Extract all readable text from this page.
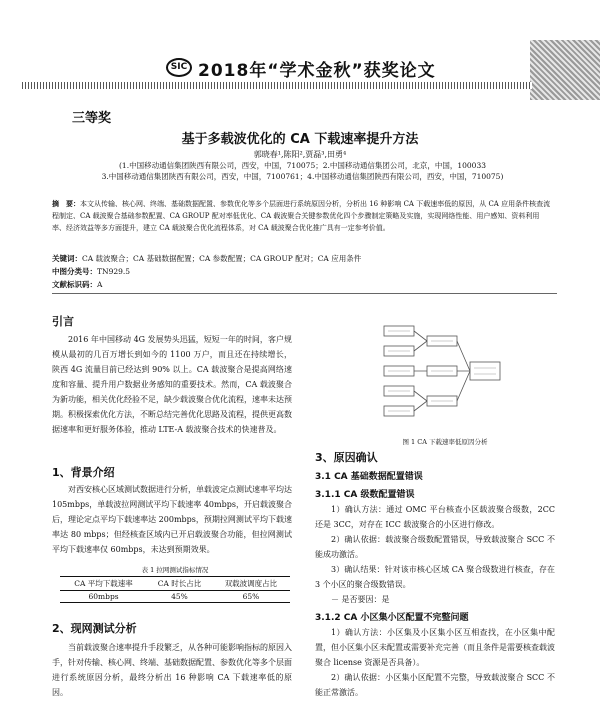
SIC 2018年“学术金秋”获奖论文
三等奖
基于多载波优化的 CA 下载速率提升方法
郭晓春¹,陈阳²,贾磊³,田勇⁴
(1.中国移动通信集团陕西有限公司，西安，中国，710075；2.中国移动通信集团公司，北京，中国，100033
3.中国移动通信集团陕西有限公司，西安，中国，7100761；4.中国移动通信集团陕西有限公司，西安，中国，710075)
摘　要：本文从传输、核心网、终端、基础数据配置、参数优化等多个层面进行系统原因分析，分析出 16 种影响 CA 下载速率低的原因，从 CA 应用条件核查流程制定、CA 载波聚合基础参数配置、CA GROUP 配对率低优化、CA 载波聚合关键参数优化四个步骤制定策略及实施，实现网络性能、用户感知、资料利用率、经济效益等多方面提升，建立 CA 载波聚合优化流程体系，对 CA 载波聚合优化推广具有一定参考价值。
关键词：CA 载波聚合；CA 基础数据配置；CA 参数配置；CA GROUP 配对；CA 应用条件
中图分类号：TN929.5
文献标识码：A
引言
2016 年中国移动 4G 发展势头迅猛，短短一年的时间，客户规模从最初的几百万增长到如今的 1100 万户，而且还在持续增长，陕西 4G 流量目前已经达到 90% 以上。CA 载波聚合是提高网络速度和容量、提升用户数据业务感知的重要技术。然而，CA 载波聚合为新功能，相关优化经验不足，缺少载波聚合优化流程，速率未达预期。积极探索优化方法，不断总结完善优化思路及流程，提供更高数据速率和更好服务体验，推动 LTE-A 载波聚合技术的快速普及。
1、背景介绍
对西安核心区域测试数据进行分析，单载波定点测试速率平均达 105mbps，单载波拉网测试平均下载速率 40mbps，开启载波聚合后，理论定点平均下载速率达 200mbps，预期拉网测试平均下载速率达 80 mbps；但经核查区域内已开启载波聚合功能，但拉网测试平均下载速率仅 60mbps，未达到预期效果。
表 1 拉网测试指标情况
CA 平均下载速率	CA 时长占比	双载波调度占比
60mbps	45%	65%
2、现网测试分析
当前载波聚合速率提升手段繁乏，从各种可能影响指标的原因入手，针对传输、核心网、终端、基础数据配置、参数优化等多个层面进行系统原因分析，最终分析出 16 种影响 CA 下载速率低的原因。
图 1 CA 下载速率低原因分析
3、原因确认
3.1 CA 基础数据配置错误
3.1.1 CA 级数配置错误
1）确认方法：通过 OMC 平台核查小区载波聚合级数，2CC 还是 3CC，对存在 ICC 载波聚合的小区进行修改。
2）确认依据：载波聚合级数配置错误，导致载波聚合 SCC 不能成功激活。
3）确认结果：针对该市核心区域 CA 聚合级数进行核查，存在 3 个小区的聚合级数错误。
－ 是否要因：是
3.1.2 CA 小区集小区配置不完整问题
1）确认方法：小区集及小区集小区互相查找，在小区集中配置，但小区集小区未配置或需要补充完善（而且条件是需要核查载波聚合 license 资源是否具备）。
2）确认依据：小区集小区配置不完整，导致载波聚合 SCC 不能正常激活。
